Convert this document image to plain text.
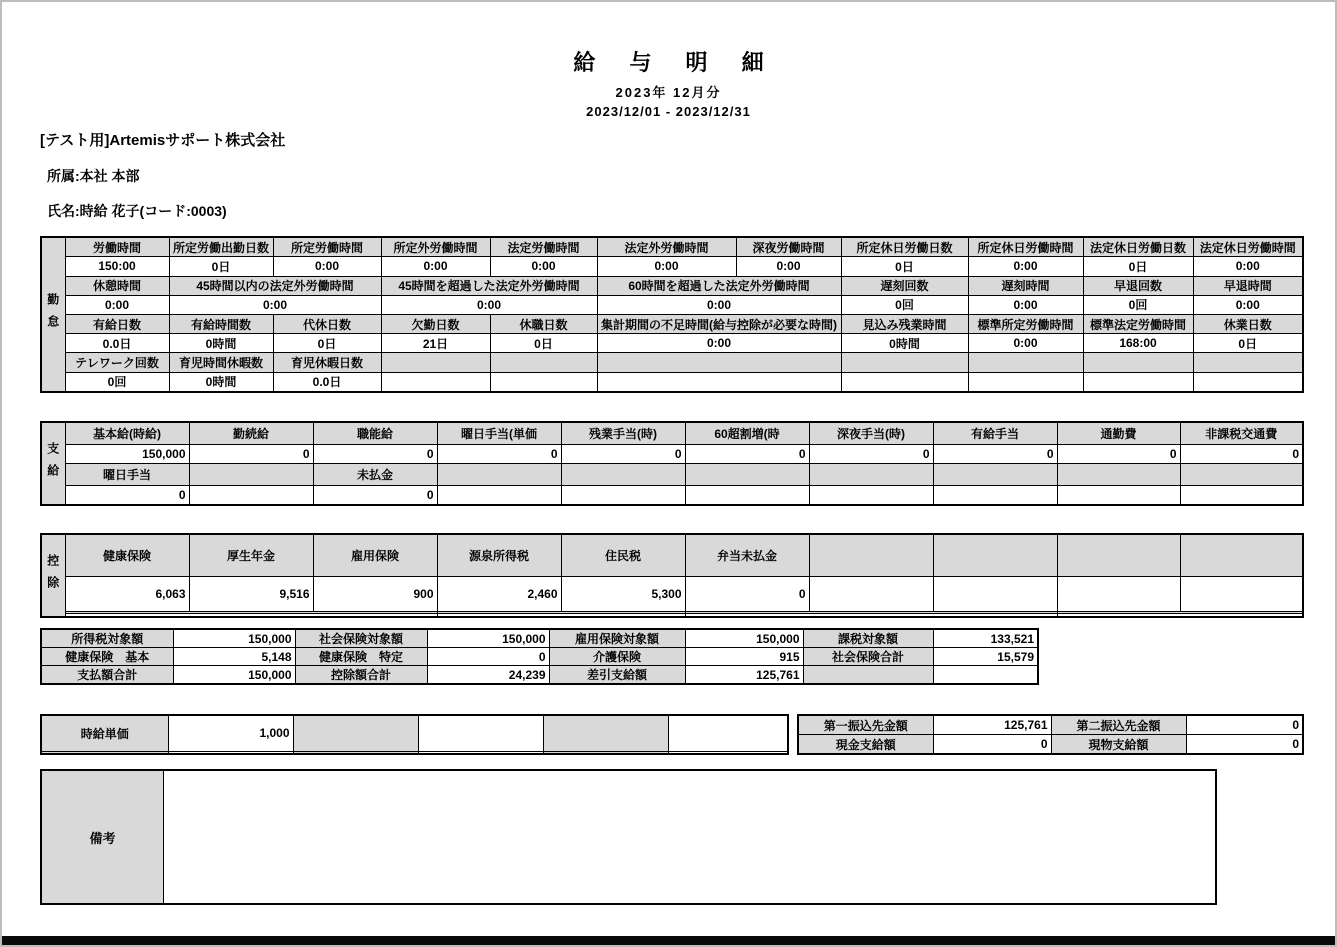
給 与 明 細
2023年 12月分
2023/12/01 - 2023/12/31
[テスト用]Artemisサポート株式会社
所属:本社 本部
氏名:時給 花子(コード:0003)
勤怠	労働時間	所定労働出勤日数	所定労働時間	所定外労働時間	法定労働時間	法定外労働時間	深夜労働時間	所定休日労働日数	所定休日労働時間	法定休日労働日数	法定休日労働時間
	150:00	0日	0:00	0:00	0:00	0:00	0:00	0日	0:00	0日	0:00
	休憩時間	45時間以内の法定外労働時間		45時間を超過した法定外労働時間		60時間を超過した法定外労働時間		遅刻回数	遅刻時間	早退回数	早退時間
	0:00	0:00		0:00		0:00		0回	0:00	0回	0:00
	有給日数	有給時間数	代休日数	欠勤日数	休職日数	集計期間の不足時間(給与控除が必要な時間)		見込み残業時間	標準所定労働時間	標準法定労働時間	休業日数
	0.0日	0時間	0日	21日	0日	0:00		0時間	0:00	168:00	0日
	テレワーク回数	育児時間休暇数	育児休暇日数								
	0回	0時間	0.0日								
支給	基本給(時給)	勤続給	職能給	曜日手当(単価	残業手当(時)	60超割増(時	深夜手当(時)	有給手当	通勤費	非課税交通費
	150,000	0	0	0	0	0	0	0	0	0
	曜日手当		未払金							
	0		0							
控除	健康保険	厚生年金	雇用保険	源泉所得税	住民税	弁当未払金				
	6,063	9,516	900	2,460	5,300	0				

所得税対象額	150,000	社会保険対象額	150,000	雇用保険対象額	150,000	課税対象額	133,521
健康保険　基本	5,148	健康保険　特定	0	介護保険	915	社会保険合計	15,579
支払額合計	150,000	控除額合計	24,239	差引支給額	125,761		
時給単価	1,000				

第一振込先金額	125,761	第二振込先金額	0
現金支給額	0	現物支給額	0
備考
